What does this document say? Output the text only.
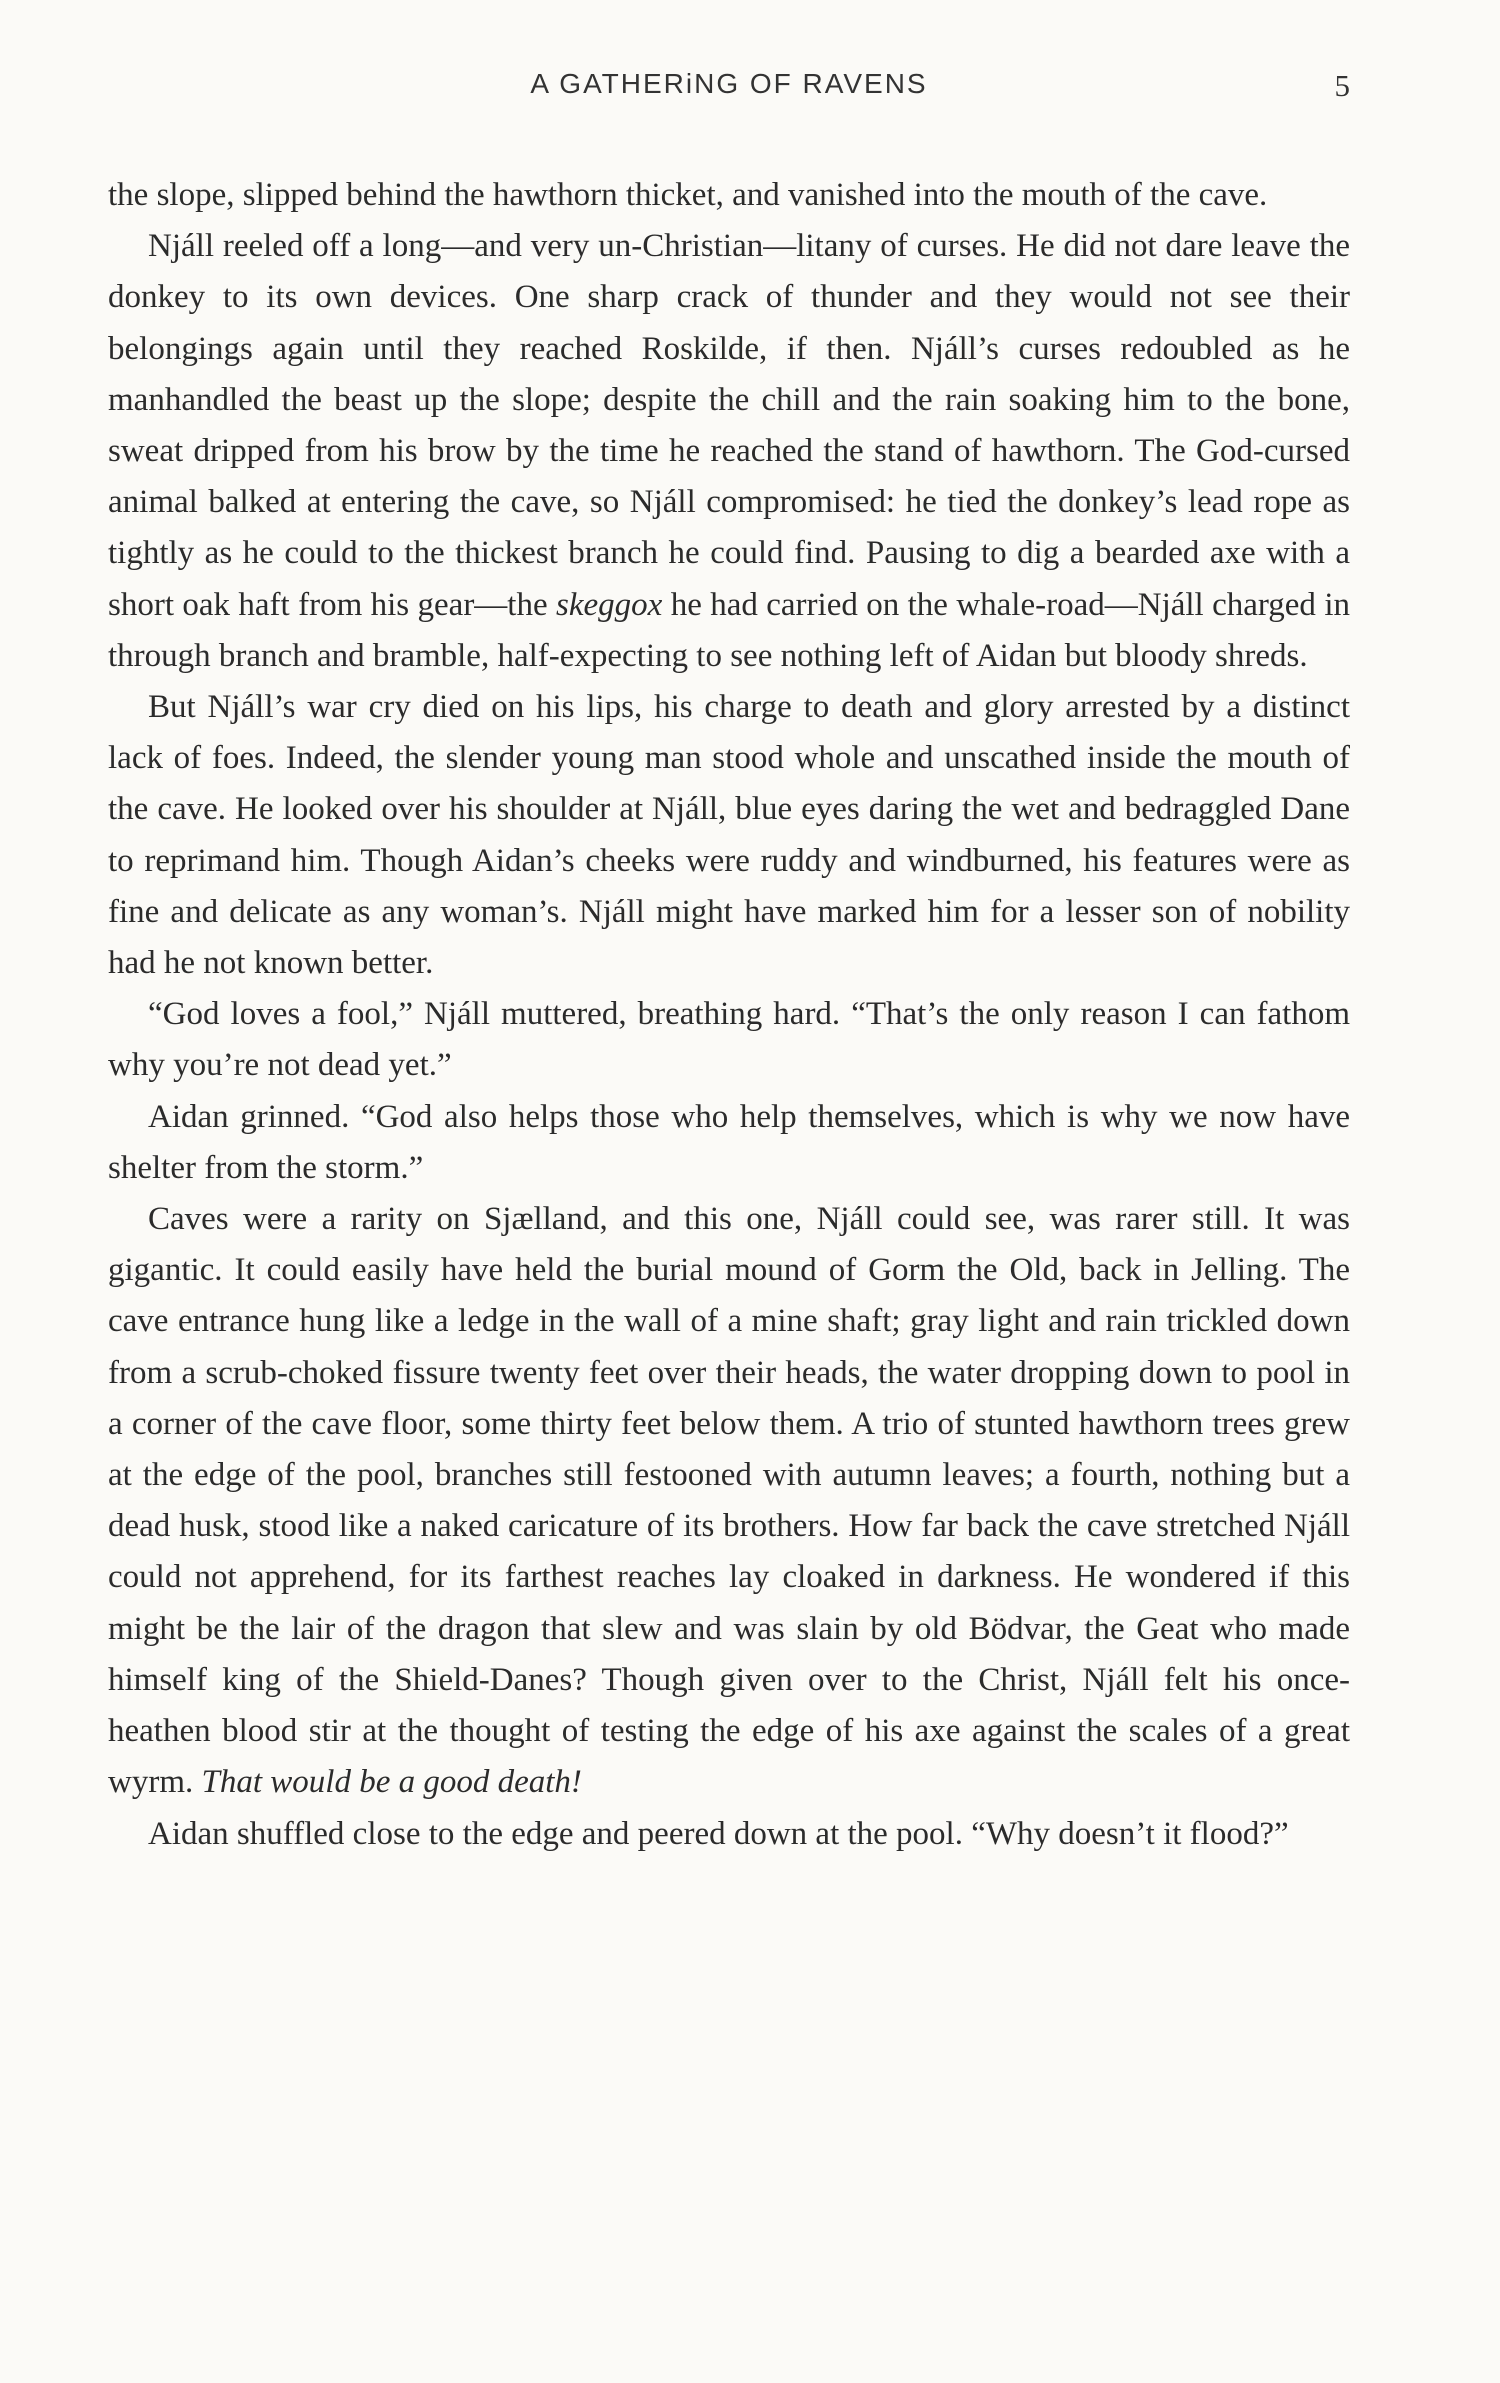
A GATHERiNG OF RAVENS	5

the slope, slipped behind the hawthorn thicket, and vanished into the mouth of the cave.

Njáll reeled off a long—and very un-Christian—litany of curses. He did not dare leave the donkey to its own devices. One sharp crack of thunder and they would not see their belongings again until they reached Roskilde, if then. Njáll’s curses redoubled as he manhandled the beast up the slope; despite the chill and the rain soaking him to the bone, sweat dripped from his brow by the time he reached the stand of hawthorn. The God-cursed animal balked at entering the cave, so Njáll compromised: he tied the donkey’s lead rope as tightly as he could to the thickest branch he could find. Pausing to dig a bearded axe with a short oak haft from his gear—the skeggox he had carried on the whale-road—Njáll charged in through branch and bramble, half-expecting to see nothing left of Aidan but bloody shreds.

But Njáll’s war cry died on his lips, his charge to death and glory arrested by a distinct lack of foes. Indeed, the slender young man stood whole and unscathed inside the mouth of the cave. He looked over his shoulder at Njáll, blue eyes daring the wet and bedraggled Dane to reprimand him. Though Aidan’s cheeks were ruddy and windburned, his features were as fine and delicate as any woman’s. Njáll might have marked him for a lesser son of nobility had he not known better.

“God loves a fool,” Njáll muttered, breathing hard. “That’s the only reason I can fathom why you’re not dead yet.”

Aidan grinned. “God also helps those who help themselves, which is why we now have shelter from the storm.”

Caves were a rarity on Sjælland, and this one, Njáll could see, was rarer still. It was gigantic. It could easily have held the burial mound of Gorm the Old, back in Jelling. The cave entrance hung like a ledge in the wall of a mine shaft; gray light and rain trickled down from a scrub-choked fissure twenty feet over their heads, the water dropping down to pool in a corner of the cave floor, some thirty feet below them. A trio of stunted hawthorn trees grew at the edge of the pool, branches still festooned with autumn leaves; a fourth, nothing but a dead husk, stood like a naked caricature of its brothers. How far back the cave stretched Njáll could not apprehend, for its farthest reaches lay cloaked in darkness. He wondered if this might be the lair of the dragon that slew and was slain by old Bödvar, the Geat who made himself king of the Shield-Danes? Though given over to the Christ, Njáll felt his once-heathen blood stir at the thought of testing the edge of his axe against the scales of a great wyrm. That would be a good death!

Aidan shuffled close to the edge and peered down at the pool. “Why doesn’t it flood?”
